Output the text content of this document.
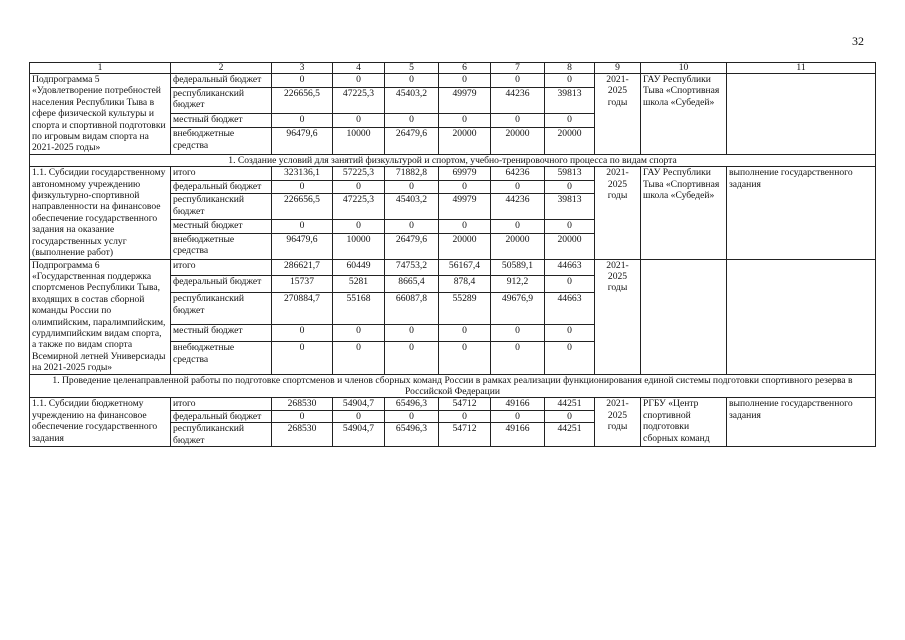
32
1	2	3	4	5	6	7	8	9	10	11
Подпрограмма 5 «Удовлетворение потребностей населения Республики Тыва в сфере физической культуры и спорта и спортивной подготовки по игровым видам спорта на 2021-2025 годы»	федеральный бюджет	0	0	0	0	0	0	2021-2025 годы	ГАУ Республики Тыва «Спортивная школа «Субедей»	
	республиканский бюджет	226656,5	47225,3	45403,2	49979	44236	39813			
	местный бюджет	0	0	0	0	0	0			
	внебюджетные средства	96479,6	10000	26479,6	20000	20000	20000			
1. Создание условий для занятий физкультурой и спортом, учебно-тренировочного процесса по видам спорта										
1.1. Субсидии государственному автономному учреждению физкультурно-спортивной направленности на финансовое обеспечение государственного задания на оказание государственных услуг (выполнение работ)	итого	323136,1	57225,3	71882,8	69979	64236	59813	2021-2025 годы	ГАУ Республики Тыва «Спортивная школа «Субедей»	выполнение государственного задания
	федеральный бюджет	0	0	0	0	0	0			
	республиканский бюджет	226656,5	47225,3	45403,2	49979	44236	39813			
	местный бюджет	0	0	0	0	0	0			
	внебюджетные средства	96479,6	10000	26479,6	20000	20000	20000			
Подпрограмма 6 «Государственная поддержка спортсменов Республики Тыва, входящих в состав сборной команды России по олимпийским, паралимпийским, сурдлимпийским видам спорта, а также по видам спорта Всемирной летней Универсиады на 2021-2025 годы»	итого	286621,7	60449	74753,2	56167,4	50589,1	44663	2021-2025 годы		
	федеральный бюджет	15737	5281	8665,4	878,4	912,2	0			
	республиканский бюджет	270884,7	55168	66087,8	55289	49676,9	44663			
	местный бюджет	0	0	0	0	0	0			
	внебюджетные средства	0	0	0	0	0	0			
1. Проведение целенаправленной работы по подготовке спортсменов и членов сборных команд России в рамках реализации функционирования единой системы подготовки спортивного резерва в Российской Федерации										
1.1. Субсидии бюджетному учреждению на финансовое обеспечение государственного задания	итого	268530	54904,7	65496,3	54712	49166	44251	2021-2025 годы	РГБУ «Центр спортивной подготовки сборных команд	выполнение государственного задания
	федеральный бюджет	0	0	0	0	0	0			
	республиканский бюджет	268530	54904,7	65496,3	54712	49166	44251			
